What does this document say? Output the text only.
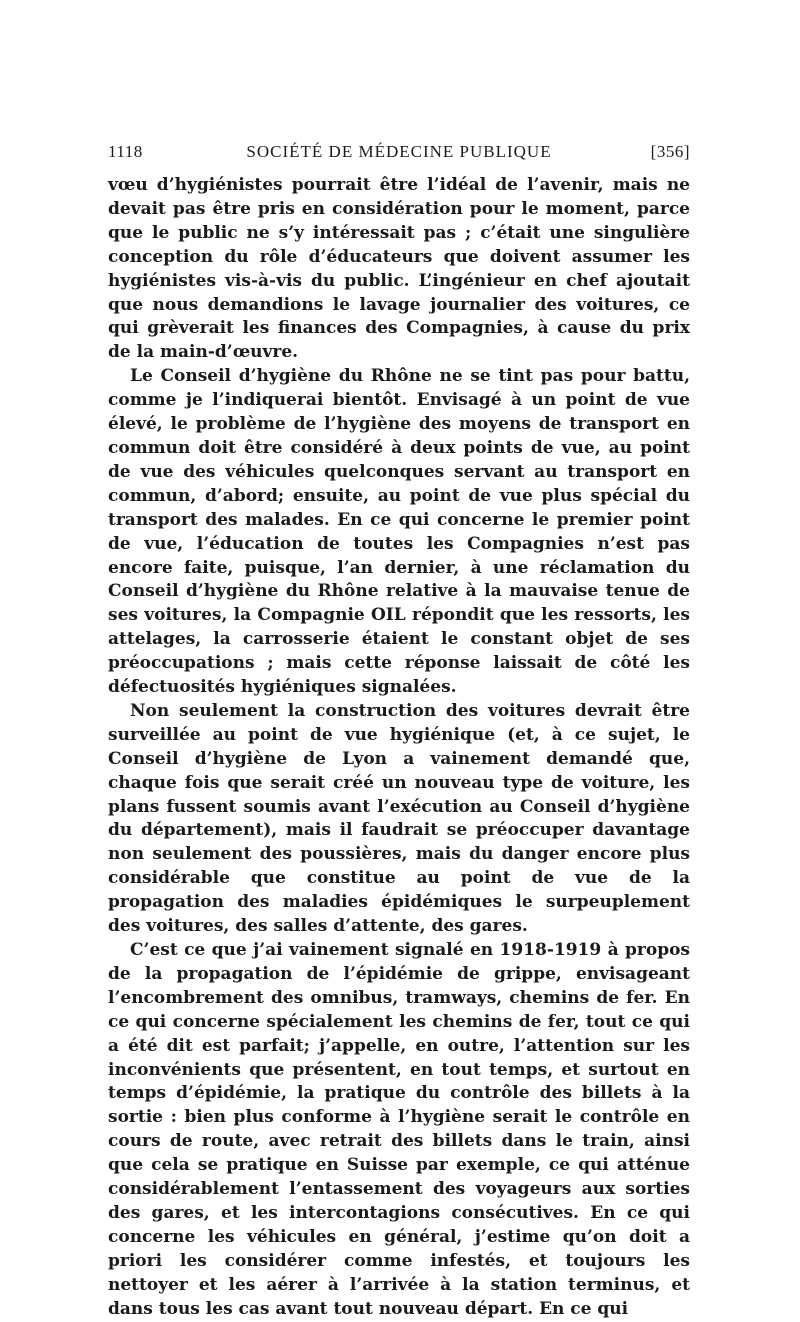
1118	SOCIÉTÉ DE MÉDECINE PUBLIQUE	[356]

vœu d’hygiénistes pourrait être l’idéal de l’avenir, mais ne devait pas être pris en considération pour le moment, parce que le public ne s’y intéressait pas ; c’était une singulière conception du rôle d’éducateurs que doivent assumer les hygiénistes vis-à-vis du public. L’ingénieur en chef ajoutait que nous demandions le lavage journalier des voitures, ce qui grèverait les finances des Compagnies, à cause du prix de la main-d’œuvre.

Le Conseil d’hygiène du Rhône ne se tint pas pour battu, comme je l’indiquerai bientôt. Envisagé à un point de vue élevé, le problème de l’hygiène des moyens de transport en commun doit être considéré à deux points de vue, au point de vue des véhicules quelconques servant au transport en commun, d’abord; ensuite, au point de vue plus spécial du transport des malades. En ce qui concerne le premier point de vue, l’éducation de toutes les Compagnies n’est pas encore faite, puisque, l’an dernier, à une réclamation du Conseil d’hygiène du Rhône relative à la mauvaise tenue de ses voitures, la Compagnie OIL répondit que les ressorts, les attelages, la carrosserie étaient le constant objet de ses préoccupations ; mais cette réponse laissait de côté les défectuosités hygiéniques signalées.

Non seulement la construction des voitures devrait être surveillée au point de vue hygiénique (et, à ce sujet, le Conseil d’hygiène de Lyon a vainement demandé que, chaque fois que serait créé un nouveau type de voiture, les plans fussent soumis avant l’exécution au Conseil d’hygiène du département), mais il faudrait se préoccuper davantage non seulement des poussières, mais du danger encore plus considérable que constitue au point de vue de la propagation des maladies épidémiques le surpeuplement des voitures, des salles d’attente, des gares.

C’est ce que j’ai vainement signalé en 1918-1919 à propos de la propagation de l’épidémie de grippe, envisageant l’encombrement des omnibus, tramways, chemins de fer. En ce qui concerne spécialement les chemins de fer, tout ce qui a été dit est parfait; j’appelle, en outre, l’attention sur les inconvénients que présentent, en tout temps, et surtout en temps d’épidémie, la pratique du contrôle des billets à la sortie : bien plus conforme à l’hygiène serait le contrôle en cours de route, avec retrait des billets dans le train, ainsi que cela se pratique en Suisse par exemple, ce qui atténue considérablement l’entassement des voyageurs aux sorties des gares, et les intercontagions consécutives. En ce qui concerne les véhicules en général, j’estime qu’on doit a priori les considérer comme infestés, et toujours les nettoyer et les aérer à l’arrivée à la station terminus, et dans tous les cas avant tout nouveau départ. En ce qui
